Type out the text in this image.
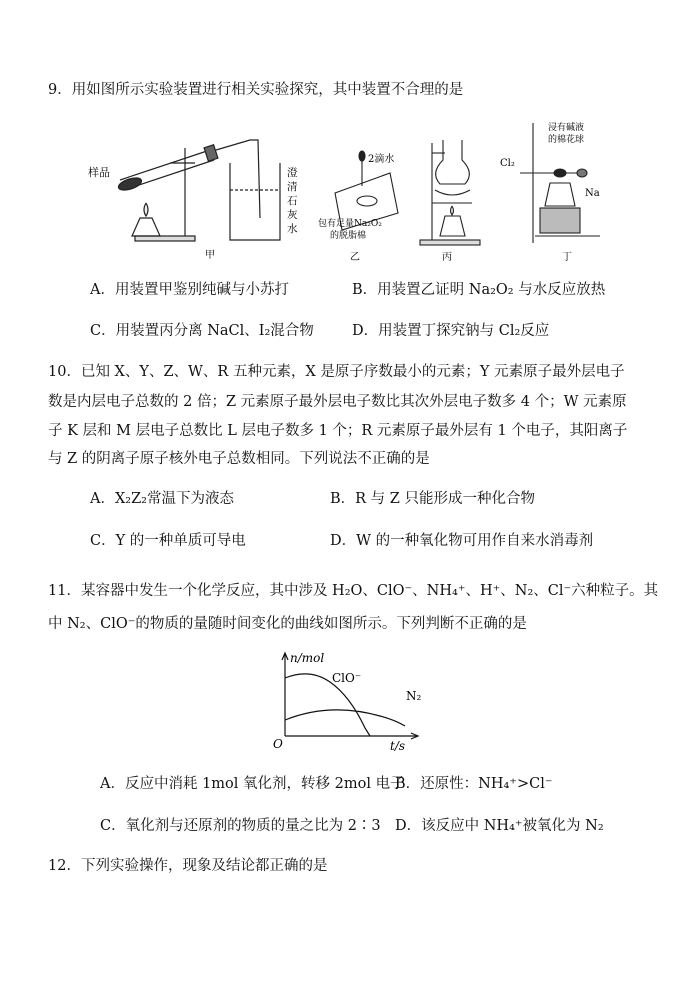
9．用如图所示实验装置进行相关实验探究，其中装置不合理的是
样品	澄
清
石
灰
水
甲
2滴水
包有足量Na₂O₂
的脱脂棉
乙	丙
Cl₂
浸有碱液
的棉花球
Na
丁
A．用装置甲鉴别纯碱与小苏打	B．用装置乙证明 Na₂O₂ 与水反应放热
C．用装置丙分离 NaCl、I₂混合物	D．用装置丁探究钠与 Cl₂反应
10．已知 X、Y、Z、W、R 五种元素，X 是原子序数最小的元素；Y 元素原子最外层电子
数是内层电子总数的 2 倍；Z 元素原子最外层电子数比其次外层电子数多 4 个；W 元素原
子 K 层和 M 层电子总数比 L 层电子数多 1 个；R 元素原子最外层有 1 个电子，其阳离子
与 Z 的阴离子原子核外电子总数相同。下列说法不正确的是
A．X₂Z₂常温下为液态	B．R 与 Z 只能形成一种化合物
C．Y 的一种单质可导电	D．W 的一种氧化物可用作自来水消毒剂
11．某容器中发生一个化学反应，其中涉及 H₂O、ClO⁻、NH₄⁺、H⁺、N₂、Cl⁻六种粒子。其
中 N₂、ClO⁻的物质的量随时间变化的曲线如图所示。下列判断不正确的是
n/mol
t/s
O
ClO⁻
N₂
A．反应中消耗 1mol 氧化剂，转移 2mol 电子
B．还原性：NH₄⁺>Cl⁻
C．氧化剂与还原剂的物质的量之比为 2∶3 D．该反应中 NH₄⁺被氧化为 N₂
12．下列实验操作，现象及结论都正确的是
